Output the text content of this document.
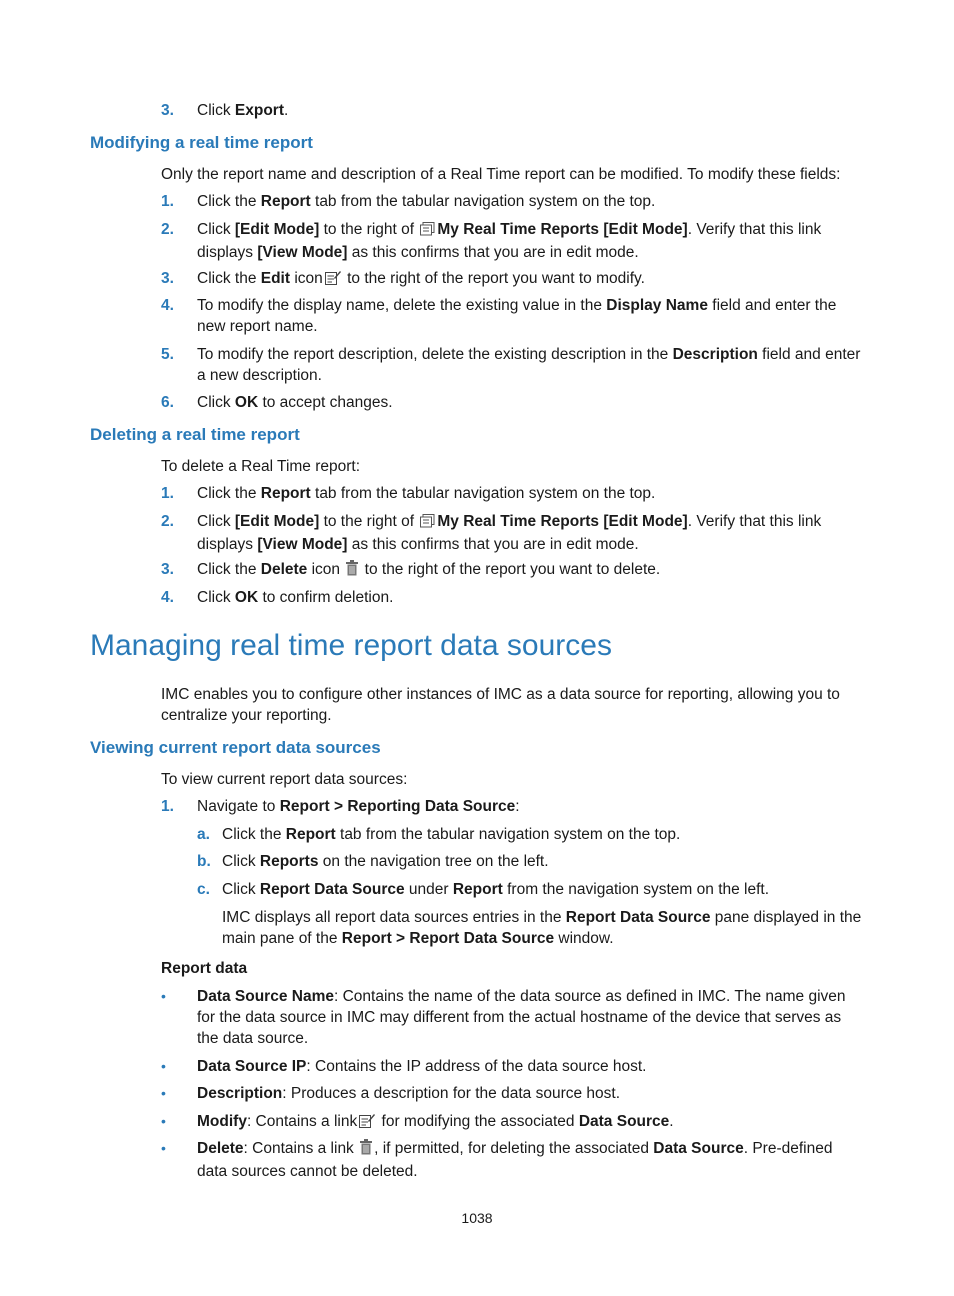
3. Click Export.
Modifying a real time report
Only the report name and description of a Real Time report can be modified. To modify these fields:
1. Click the Report tab from the tabular navigation system on the top.
2. Click [Edit Mode] to the right of My Real Time Reports [Edit Mode]. Verify that this link displays [View Mode] as this confirms that you are in edit mode.
3. Click the Edit icon to the right of the report you want to modify.
4. To modify the display name, delete the existing value in the Display Name field and enter the new report name.
5. To modify the report description, delete the existing description in the Description field and enter a new description.
6. Click OK to accept changes.
Deleting a real time report
To delete a Real Time report:
1. Click the Report tab from the tabular navigation system on the top.
2. Click [Edit Mode] to the right of My Real Time Reports [Edit Mode]. Verify that this link displays [View Mode] as this confirms that you are in edit mode.
3. Click the Delete icon  to the right of the report you want to delete.
4. Click OK to confirm deletion.
Managing real time report data sources
IMC enables you to configure other instances of IMC as a data source for reporting, allowing you to centralize your reporting.
Viewing current report data sources
To view current report data sources:
1. Navigate to Report > Reporting Data Source:
a. Click the Report tab from the tabular navigation system on the top.
b. Click Reports on the navigation tree on the left.
c. Click Report Data Source under Report from the navigation system on the left.
IMC displays all report data sources entries in the Report Data Source pane displayed in the main pane of the Report > Report Data Source window.
Report data
• Data Source Name: Contains the name of the data source as defined in IMC. The name given for the data source in IMC may different from the actual hostname of the device that serves as the data source.
• Data Source IP: Contains the IP address of the data source host.
• Description: Produces a description for the data source host.
• Modify: Contains a link for modifying the associated Data Source.
• Delete: Contains a link , if permitted, for deleting the associated Data Source. Pre-defined data sources cannot be deleted.
1038
